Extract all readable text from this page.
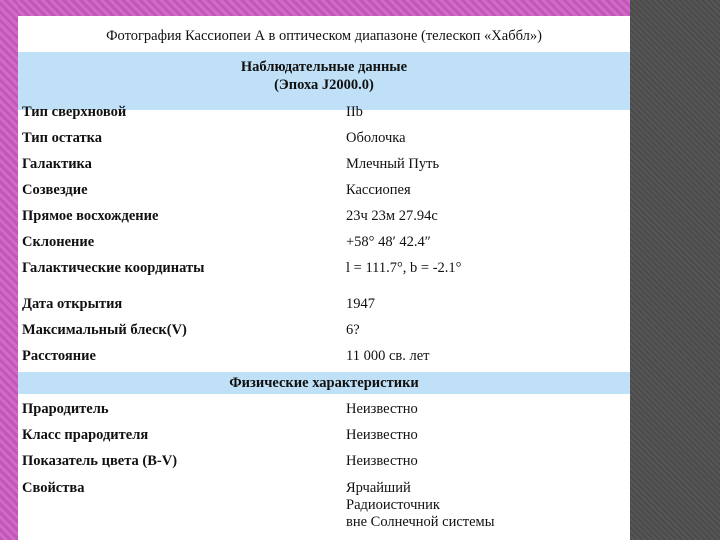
Фотография Кассиопеи А в оптическом диапазоне (телескоп «Хаббл»)
Наблюдательные данные
(Эпоха J2000.0)
Тип сверхновой	IIb
Тип остатка	Оболочка
Галактика	Млечный Путь
Созвездие	Кассиопея
Прямое восхождение	23ч 23м 27.94с
Склонение	+58° 48′ 42.4″
Галактические координаты	l = 111.7°, b = -2.1°
Дата открытия	1947
Максимальный блеск(V)	6?
Расстояние	11 000 св. лет
Физические характеристики
Прародитель	Неизвестно
Класс прародителя	Неизвестно
Показатель цвета (B-V)	Неизвестно
Свойства	Ярчайший
Радиоисточник
вне Солнечной системы
